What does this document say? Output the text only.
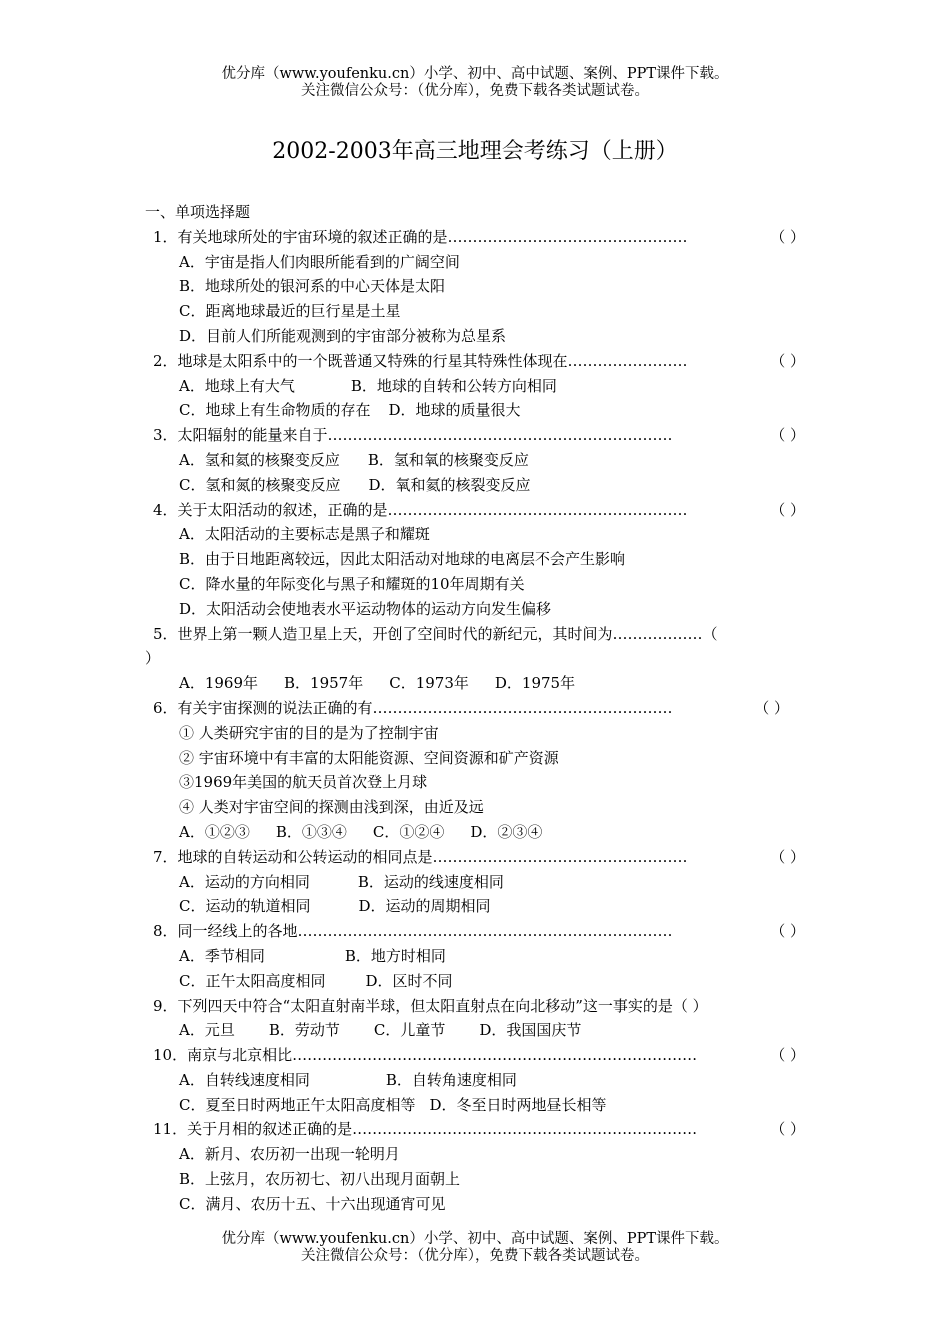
优分库（www.youfenku.cn）小学、初中、高中试题、案例、PPT课件下载。
关注微信公众号：（优分库），免费下载各类试题试卷。
2002-2003年高三地理会考练习（上册）
一、单项选择题
1．有关地球所处的宇宙环境的叙述正确的是…………………………………………	（ ）
A．宇宙是指人们肉眼所能看到的广阔空间
B．地球所处的银河系的中心天体是太阳
C．距离地球最近的巨行星是土星
D．目前人们所能观测到的宇宙部分被称为总星系
2．地球是太阳系中的一个既普通又特殊的行星其特殊性体现在……………………	（ ）
A．地球上有大气	B．地球的自转和公转方向相同
C．地球上有生命物质的存在 D．地球的质量很大
3．太阳辐射的能量来自于……………………………………………………………	（ ）
A．氢和氦的核聚变反应 B．氢和氧的核聚变反应
C．氢和氮的核聚变反应 D．氧和氦的核裂变反应
4．关于太阳活动的叙述，正确的是……………………………………………………	（ ）
A．太阳活动的主要标志是黑子和耀斑
B．由于日地距离较远，因此太阳活动对地球的电离层不会产生影响
C．降水量的年际变化与黑子和耀斑的10年周期有关
D．太阳活动会使地表水平运动物体的运动方向发生偏移
5．世界上第一颗人造卫星上天，开创了空间时代的新纪元，其时间为………………（
）
A．1969年 B．1957年 C．1973年 D．1975年
6．有关宇宙探测的说法正确的有……………………………………………………	（ ）
① 人类研究宇宙的目的是为了控制宇宙
② 宇宙环境中有丰富的太阳能资源、空间资源和矿产资源
③1969年美国的航天员首次登上月球
④ 人类对宇宙空间的探测由浅到深，由近及远
A．①②③ B．①③④ C．①②④ D．②③④
7．地球的自转运动和公转运动的相同点是……………………………………………	（ ）
A．运动的方向相同	B．运动的线速度相同
C．运动的轨道相同	D．运动的周期相同
8．同一经线上的各地…………………………………………………………………	（ ）
A．季节相同	B．地方时相同
C．正午太阳高度相同	D．区时不同
9．下列四天中符合“太阳直射南半球，但太阳直射点在向北移动”这一事实的是（ ）
A．元旦 B．劳动节 C．儿童节 D．我国国庆节
10．南京与北京相比………………………………………………………………………	（ ）
A．自转线速度相同	B．自转角速度相同
C．夏至日时两地正午太阳高度相等 D．冬至日时两地昼长相等
11．关于月相的叙述正确的是……………………………………………………………	（ ）
A．新月、农历初一出现一轮明月
B．上弦月，农历初七、初八出现月面朝上
C．满月、农历十五、十六出现通宵可见
优分库（www.youfenku.cn）小学、初中、高中试题、案例、PPT课件下载。
关注微信公众号：（优分库），免费下载各类试题试卷。
